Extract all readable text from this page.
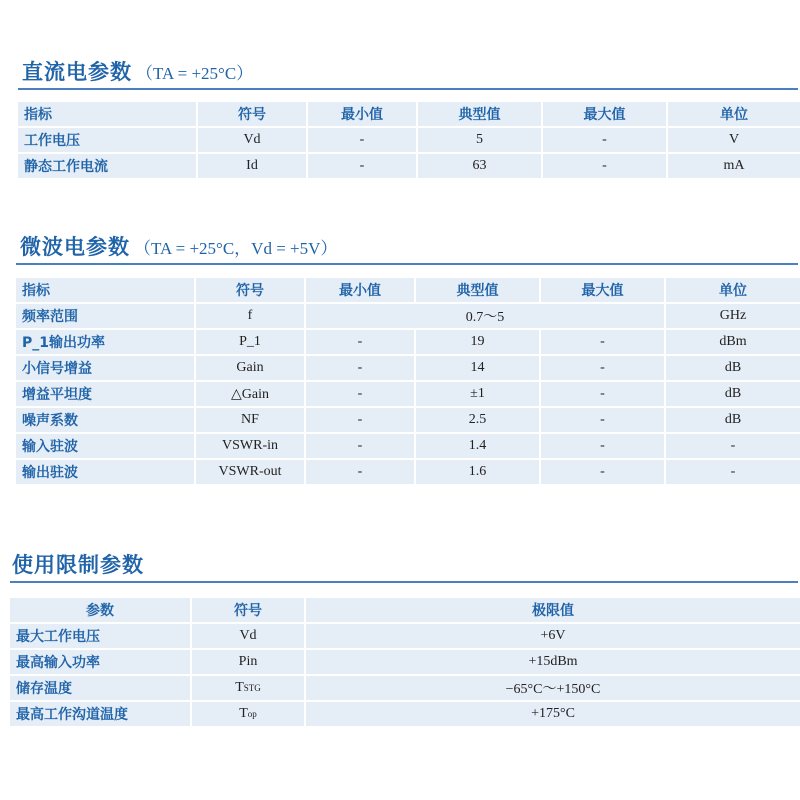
直流电参数 （TA = +25°C）
指标	符号	最小值	典型值	最大值	单位
工作电压	Vd	-	5	-	V
静态工作电流	Id	-	63	-	mA
微波电参数 （TA = +25°C，Vd = +5V）
指标	符号	最小值	典型值	最大值	单位
频率范围	f	0.7～5			GHz
P_1输出功率	P_1	-	19	-	dBm
小信号增益	Gain	-	14	-	dB
增益平坦度	△Gain	-	±1	-	dB
噪声系数	NF	-	2.5	-	dB
输入驻波	VSWR-in	-	1.4	-	-
输出驻波	VSWR-out	-	1.6	-	-
使用限制参数
参数	符号	极限值
最大工作电压	Vd	+6V
最高输入功率	Pin	+15dBm
储存温度	TSTG	−65°C～+150°C
最高工作沟道温度	Top	+175°C
